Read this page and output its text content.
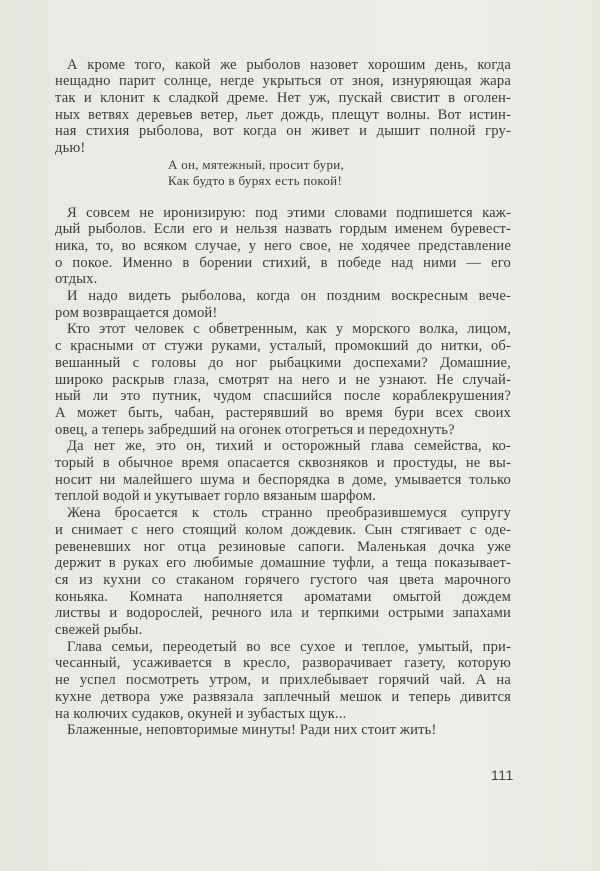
А кроме того, какой же рыболов назовет хорошим день, когда
нещадно парит солнце, негде укрыться от зноя, изнуряющая жара
так и клонит к сладкой дреме. Нет уж, пускай свистит в оголен-
ных ветвях деревьев ветер, льет дождь, плещут волны. Вот истин-
ная стихия рыболова, вот когда он живет и дышит полной гру-
дью!
Я совсем не иронизирую: под этими словами подпишется каж-
дый рыболов. Если его и нельзя назвать гордым именем буревест-
ника, то, во всяком случае, у него свое, не ходячее представление
о покое. Именно в борении стихий, в победе над ними — его
отдых.
И надо видеть рыболова, когда он поздним воскресным вече-
ром возвращается домой!
Кто этот человек с обветренным, как у морского волка, лицом,
с красными от стужи руками, усталый, промокший до нитки, об-
вешанный с головы до ног рыбацкими доспехами? Домашние,
широко раскрыв глаза, смотрят на него и не узнают. Не случай-
ный ли это путник, чудом спасшийся после кораблекрушения?
А может быть, чабан, растерявший во время бури всех своих
овец, а теперь забредший на огонек отогреться и передохнуть?
Да нет же, это он, тихий и осторожный глава семейства, ко-
торый в обычное время опасается сквозняков и простуды, не вы-
носит ни малейшего шума и беспорядка в доме, умывается только
теплой водой и укутывает горло вязаным шарфом.
Жена бросается к столь странно преобразившемуся супругу
и снимает с него стоящий колом дождевик. Сын стягивает с оде-
ревеневших ног отца резиновые сапоги. Маленькая дочка уже
держит в руках его любимые домашние туфли, а теща показывает-
ся из кухни со стаканом горячего густого чая цвета марочного
коньяка. Комната наполняется ароматами омытой дождем
листвы и водорослей, речного ила и терпкими острыми запахами
свежей рыбы.
Глава семьи, переодетый во все сухое и теплое, умытый, при-
чесанный, усаживается в кресло, разворачивает газету, которую
не успел посмотреть утром, и прихлебывает горячий чай. А на
кухне детвора уже развязала заплечный мешок и теперь дивится
на колючих судаков, окуней и зубастых щук...
Блаженные, неповторимые минуты! Ради них стоит жить!
А он, мятежный, просит бури,
Как будто в бурях есть покой!
111
